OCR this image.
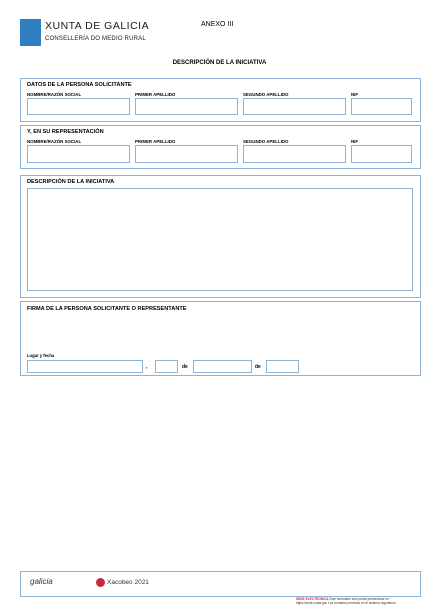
XUNTA DE GALICIA
CONSELLERÍA DO MEDIO RURAL
ANEXO III
DESCRIPCIÓN DE LA INICIATIVA
DATOS DE LA PERSONA SOLICITANTE
NOMBRE/RAZÓN SOCIAL	PRIMER APELLIDO	SEGUNDO APELLIDO	NIF
Y, EN SU REPRESENTACIÓN
NOMBRE/RAZÓN SOCIAL	PRIMER APELLIDO	SEGUNDO APELLIDO	NIF
DESCRIPCIÓN DE LA INICIATIVA
FIRMA DE LA PERSONA SOLICITANTE O REPRESENTANTE
Lugar y fecha
,	de	de
galicia	Xacobeo 2021
SEDE ELECTRÓNICA Este formulario sólo podrá presentarse en https://sede.xunta.gal. Los formatos previstos en el sistema regulatorio
